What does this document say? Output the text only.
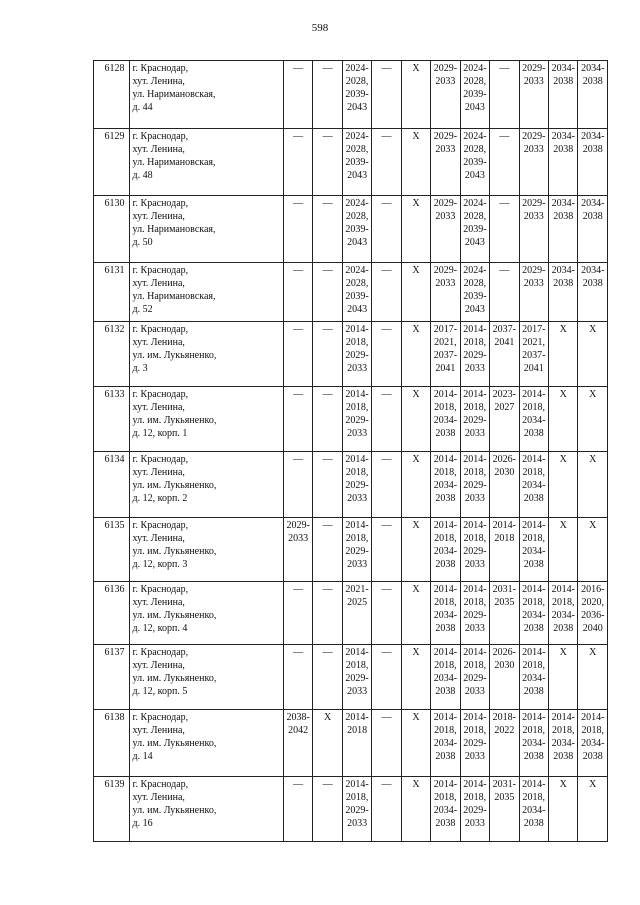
598
6128	г. Краснодар,
хут. Ленина,
ул. Наримановская,
д. 44	—	—	2024-
2028,
2039-
2043	—	X	2029-
2033	2024-
2028,
2039-
2043	—	2029-
2033	2034-
2038	2034-
2038

6129	г. Краснодар,
хут. Ленина,
ул. Наримановская,
д. 48	—	—	2024-
2028,
2039-
2043	—	X	2029-
2033	2024-
2028,
2039-
2043	—	2029-
2033	2034-
2038	2034-
2038

6130	г. Краснодар,
хут. Ленина,
ул. Наримановская,
д. 50	—	—	2024-
2028,
2039-
2043	—	X	2029-
2033	2024-
2028,
2039-
2043	—	2029-
2033	2034-
2038	2034-
2038

6131	г. Краснодар,
хут. Ленина,
ул. Наримановская,
д. 52	—	—	2024-
2028,
2039-
2043	—	X	2029-
2033	2024-
2028,
2039-
2043	—	2029-
2033	2034-
2038	2034-
2038

6132	г. Краснодар,
хут. Ленина,
ул. им. Лукьяненко,
д. 3	—	—	2014-
2018,
2029-
2033	—	X	2017-
2021,
2037-
2041	2014-
2018,
2029-
2033	2037-
2041	2017-
2021,
2037-
2041	X	X

6133	г. Краснодар,
хут. Ленина,
ул. им. Лукьяненко,
д. 12, корп. 1	—	—	2014-
2018,
2029-
2033	—	X	2014-
2018,
2034-
2038	2014-
2018,
2029-
2033	2023-
2027	2014-
2018,
2034-
2038	X	X

6134	г. Краснодар,
хут. Ленина,
ул. им. Лукьяненко,
д. 12, корп. 2	—	—	2014-
2018,
2029-
2033	—	X	2014-
2018,
2034-
2038	2014-
2018,
2029-
2033	2026-
2030	2014-
2018,
2034-
2038	X	X

6135	г. Краснодар,
хут. Ленина,
ул. им. Лукьяненко,
д. 12, корп. 3	2029-
2033	—	2014-
2018,
2029-
2033	—	X	2014-
2018,
2034-
2038	2014-
2018,
2029-
2033	2014-
2018	2014-
2018,
2034-
2038	X	X

6136	г. Краснодар,
хут. Ленина,
ул. им. Лукьяненко,
д. 12, корп. 4	—	—	2021-
2025	—	X	2014-
2018,
2034-
2038	2014-
2018,
2029-
2033	2031-
2035	2014-
2018,
2034-
2038	2014-
2018,
2034-
2038	2016-
2020,
2036-
2040

6137	г. Краснодар,
хут. Ленина,
ул. им. Лукьяненко,
д. 12, корп. 5	—	—	2014-
2018,
2029-
2033	—	X	2014-
2018,
2034-
2038	2014-
2018,
2029-
2033	2026-
2030	2014-
2018,
2034-
2038	X	X

6138	г. Краснодар,
хут. Ленина,
ул. им. Лукьяненко,
д. 14	2038-
2042	X	2014-
2018	—	X	2014-
2018,
2034-
2038	2014-
2018,
2029-
2033	2018-
2022	2014-
2018,
2034-
2038	2014-
2018,
2034-
2038	2014-
2018,
2034-
2038

6139	г. Краснодар,
хут. Ленина,
ул. им. Лукьяненко,
д. 16	—	—	2014-
2018,
2029-
2033	—	X	2014-
2018,
2034-
2038	2014-
2018,
2029-
2033	2031-
2035	2014-
2018,
2034-
2038	X	X
